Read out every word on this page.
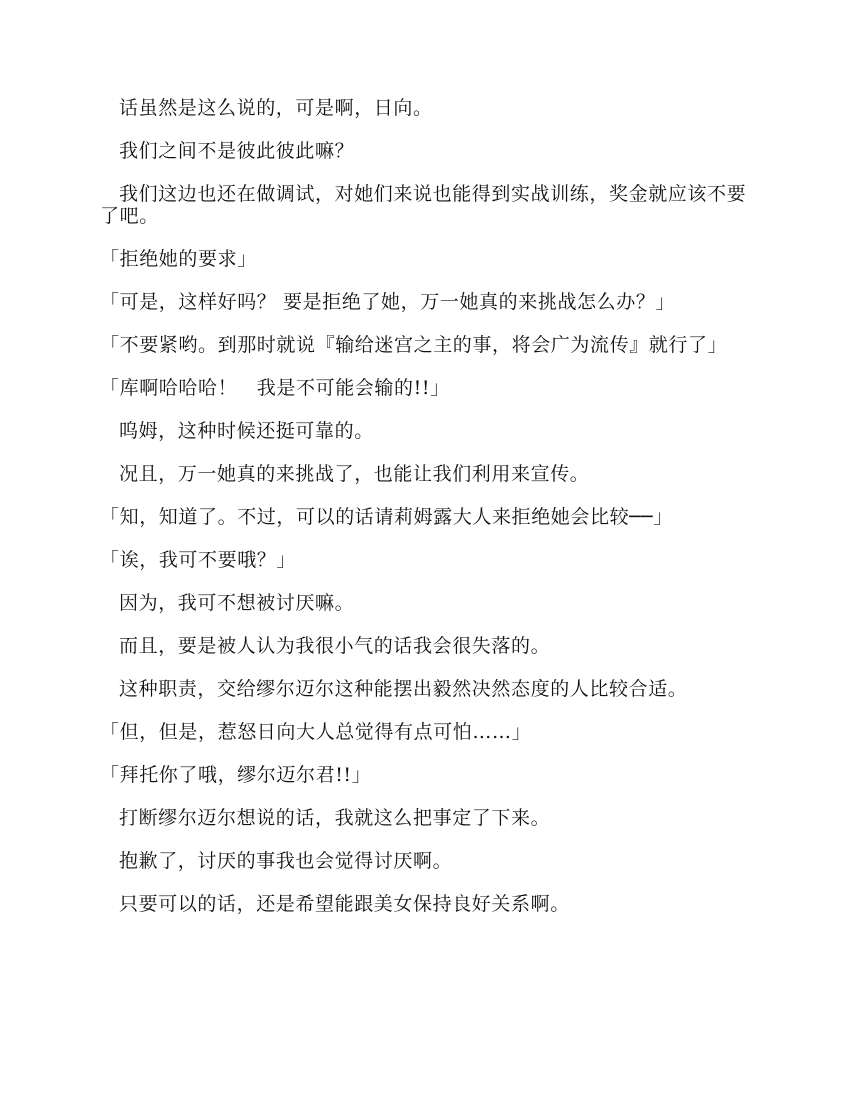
话虽然是这么说的，可是啊，日向。

我们之间不是彼此彼此嘛？

我们这边也还在做调试，对她们来说也能得到实战训练，奖金就应该不要了吧。

「拒绝她的要求」

「可是，这样好吗？ 要是拒绝了她，万一她真的来挑战怎么办？」

「不要紧哟。到那时就说『输给迷宫之主的事，将会广为流传』就行了」

「库啊哈哈哈！　我是不可能会输的!!」

呜姆，这种时候还挺可靠的。

况且，万一她真的来挑战了，也能让我们利用来宣传。

「知，知道了。不过，可以的话请莉姆露大人来拒绝她会比较──」

「诶，我可不要哦？」

因为，我可不想被讨厌嘛。

而且，要是被人认为我很小气的话我会很失落的。

这种职责，交给缪尔迈尔这种能摆出毅然决然态度的人比较合适。

「但，但是，惹怒日向大人总觉得有点可怕……」

「拜托你了哦，缪尔迈尔君!!」

打断缪尔迈尔想说的话，我就这么把事定了下来。

抱歉了，讨厌的事我也会觉得讨厌啊。

只要可以的话，还是希望能跟美女保持良好关系啊。
